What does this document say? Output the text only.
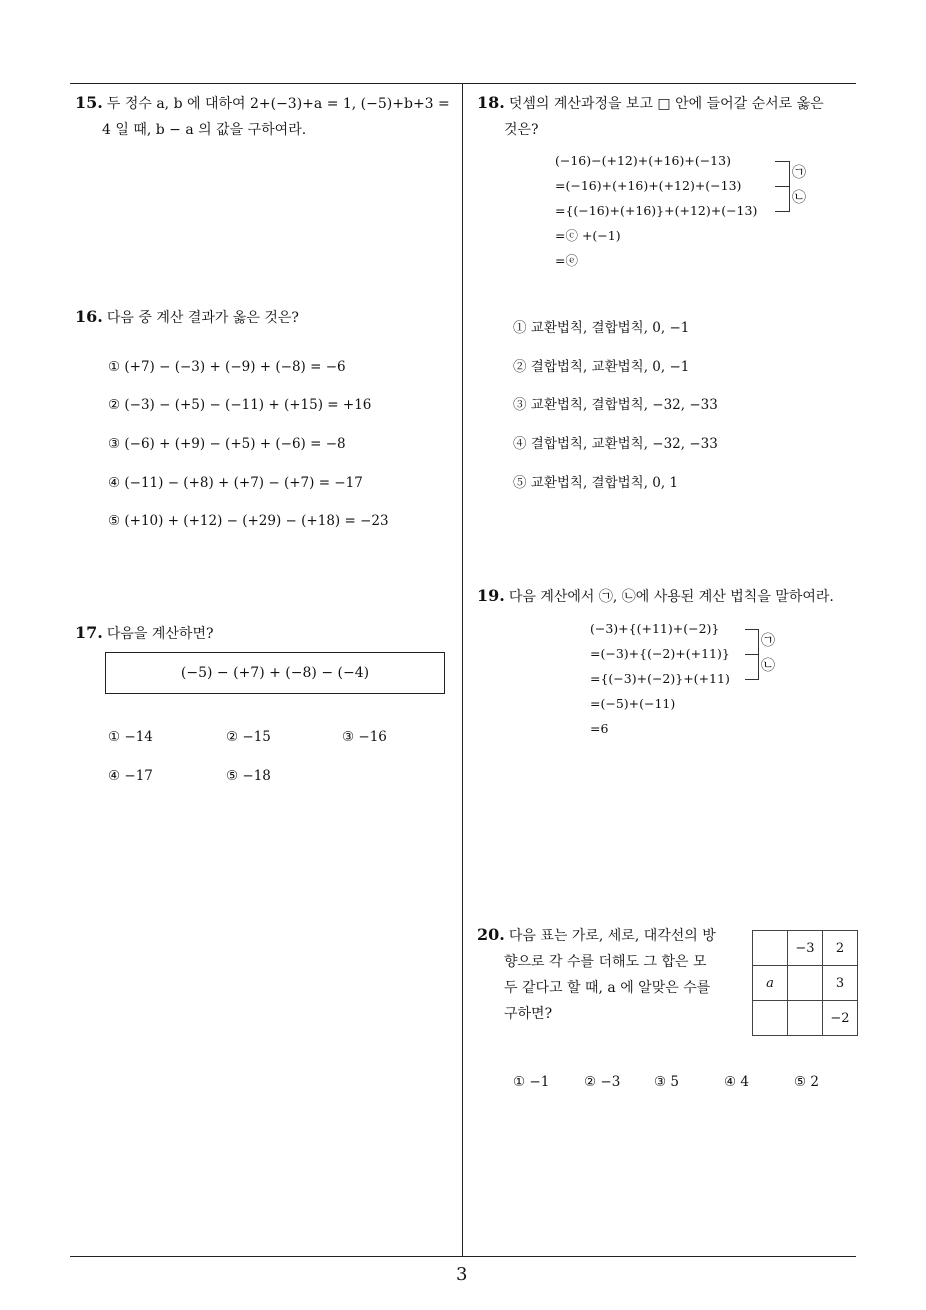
15. 두 정수 a, b 에 대하여 2+(−3)+a = 1, (−5)+b+3 =
4 일 때, b − a 의 값을 구하여라.
16. 다음 중 계산 결과가 옳은 것은?
① (+7) − (−3) + (−9) + (−8) = −6
② (−3) − (+5) − (−11) + (+15) = +16
③ (−6) + (+9) − (+5) + (−6) = −8
④ (−11) − (+8) + (+7) − (+7) = −17
⑤ (+10) + (+12) − (+29) − (+18) = −23
17. 다음을 계산하면?
(−5) − (+7) + (−8) − (−4)
① −14	② −15	③ −16
④ −17	⑤ −18
18. 덧셈의 계산과정을 보고 □ 안에 들어갈 순서로 옳은
것은?
(−16)−(+12)+(+16)+(−13)
=(−16)+(+16)+(+12)+(−13)
={(−16)+(+16)}+(+12)+(−13)
=ⓒ +(−1)
=ⓔ
㉠
㉡
① 교환법칙, 결합법칙, 0, −1
② 결합법칙, 교환법칙, 0, −1
③ 교환법칙, 결합법칙, −32, −33
④ 결합법칙, 교환법칙, −32, −33
⑤ 교환법칙, 결합법칙, 0, 1
19. 다음 계산에서 ㉠, ㉡에 사용된 계산 법칙을 말하여라.
(−3)+{(+11)+(−2)}
=(−3)+{(−2)+(+11)}
={(−3)+(−2)}+(+11)
=(−5)+(−11)
=6
㉠
㉡
20. 다음 표는 가로, 세로, 대각선의 방
향으로 각 수를 더해도 그 합은 모
두 같다고 할 때, a 에 알맞은 수를
구하면?
	−3	2
a		3
		−2
① −1	② −3 ③ 5	④ 4	⑤ 2
3
